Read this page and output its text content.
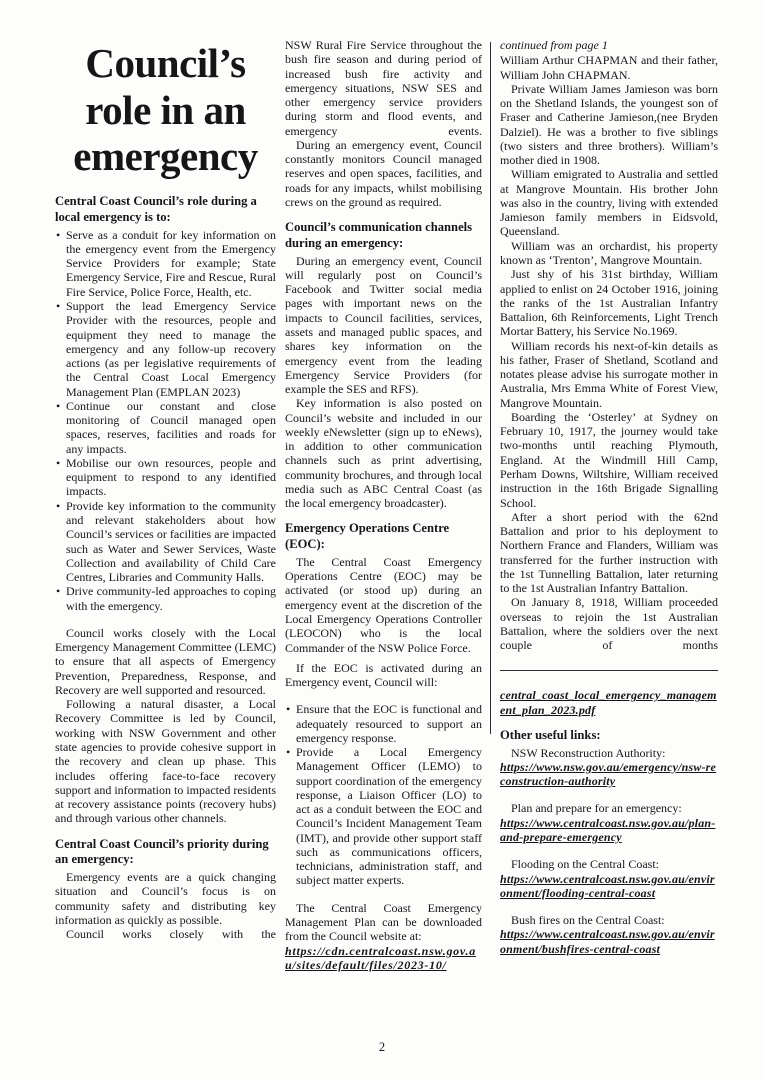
Council’s role in an emergency
Central Coast Council’s role during a local emergency is to:
• Serve as a conduit for key information on the emergency event from the Emergency Service Providers for example; State Emergency Service, Fire and Rescue, Rural Fire Service, Police Force, Health, etc.
• Support the lead Emergency Service Provider with the resources, people and equipment they need to manage the emergency and any follow-up recovery actions (as per legislative requirements of the Central Coast Local Emergency Management Plan (EMPLAN 2023)
• Continue our constant and close monitoring of Council managed open spaces, reserves, facilities and roads for any impacts.
• Mobilise our own resources, people and equipment to respond to any identified impacts.
• Provide key information to the community and relevant stakeholders about how Council’s services or facilities are impacted such as Water and Sewer Services, Waste Collection and availability of Child Care Centres, Libraries and Community Halls.
• Drive community-led approaches to coping with the emergency.
Council works closely with the Local Emergency Management Committee (LEMC) to ensure that all aspects of Emergency Prevention, Preparedness, Response, and Recovery are well supported and resourced.
Following a natural disaster, a Local Recovery Committee is led by Council, working with NSW Government and other state agencies to provide cohesive support in the recovery and clean up phase. This includes offering face-to-face recovery support and information to impacted residents at recovery assistance points (recovery hubs) and through various other channels.
Central Coast Council’s priority during an emergency:
Emergency events are a quick changing situation and Council’s focus is on community safety and distributing key information as quickly as possible.
Council works closely with the
NSW Rural Fire Service throughout the bush fire season and during period of increased bush fire activity and emergency situations, NSW SES and other emergency service providers during storm and flood events, and emergency events.
During an emergency event, Council constantly monitors Council managed reserves and open spaces, facilities, and roads for any impacts, whilst mobilising crews on the ground as required.
Council’s communication channels during an emergency:
During an emergency event, Council will regularly post on Council’s Facebook and Twitter social media pages with important news on the impacts to Council facilities, services, assets and managed public spaces, and shares key information on the emergency event from the leading Emergency Service Providers (for example the SES and RFS).
Key information is also posted on Council’s website and included in our weekly eNewsletter (sign up to eNews), in addition to other communication channels such as print advertising, community brochures, and through local media such as ABC Central Coast (as the local emergency broadcaster).
Emergency Operations Centre (EOC):
The Central Coast Emergency Operations Centre (EOC) may be activated (or stood up) during an emergency event at the discretion of the Local Emergency Operations Controller (LEOCON) who is the local Commander of the NSW Police Force.
If the EOC is activated during an Emergency event, Council will:
• Ensure that the EOC is functional and adequately resourced to support an emergency response.
• Provide a Local Emergency Management Officer (LEMO) to support coordination of the emergency response, a Liaison Officer (LO) to act as a conduit between the EOC and Council’s Incident Management Team (IMT), and provide other support staff such as communications officers, technicians, administration staff, and subject matter experts.
The Central Coast Emergency Management Plan can be downloaded from the Council website at:
https://cdn.centralcoast.nsw.gov.au/sites/default/files/2023-10/
continued from page 1
William Arthur CHAPMAN and their father, William John CHAPMAN.
Private William James Jamieson was born on the Shetland Islands, the youngest son of Fraser and Catherine Jamieson,(nee Bryden Dalziel). He was a brother to five siblings (two sisters and three brothers). William’s mother died in 1908.
William emigrated to Australia and settled at Mangrove Mountain. His brother John was also in the country, living with extended Jamieson family members in Eidsvold, Queensland.
William was an orchardist, his property known as ‘Trenton’, Mangrove Mountain.
Just shy of his 31st birthday, William applied to enlist on 24 October 1916, joining the ranks of the 1st Australian Infantry Battalion, 6th Reinforcements, Light Trench Mortar Battery, his Service No.1969.
William records his next-of-kin details as his father, Fraser of Shetland, Scotland and notates please advise his surrogate mother in Australia, Mrs Emma White of Forest View, Mangrove Mountain.
Boarding the ‘Osterley’ at Sydney on February 10, 1917, the journey would take two-months until reaching Plymouth, England. At the Windmill Hill Camp, Perham Downs, Wiltshire, William received instruction in the 16th Brigade Signalling School.
After a short period with the 62nd Battalion and prior to his deployment to Northern France and Flanders, William was transferred for the further instruction with the 1st Tunnelling Battalion, later returning to the 1st Australian Infantry Battalion.
On January 8, 1918, William proceeded overseas to rejoin the 1st Australian Battalion, where the soldiers over the next couple of months
central_coast_local_emergency_management_plan_2023.pdf
Other useful links:
NSW Reconstruction Authority:
https://www.nsw.gov.au/emergency/nsw-reconstruction-authority
Plan and prepare for an emergency:
https://www.centralcoast.nsw.gov.au/plan-and-prepare-emergency
Flooding on the Central Coast:
https://www.centralcoast.nsw.gov.au/environment/flooding-central-coast
Bush fires on the Central Coast:
https://www.centralcoast.nsw.gov.au/environment/bushfires-central-coast
2
